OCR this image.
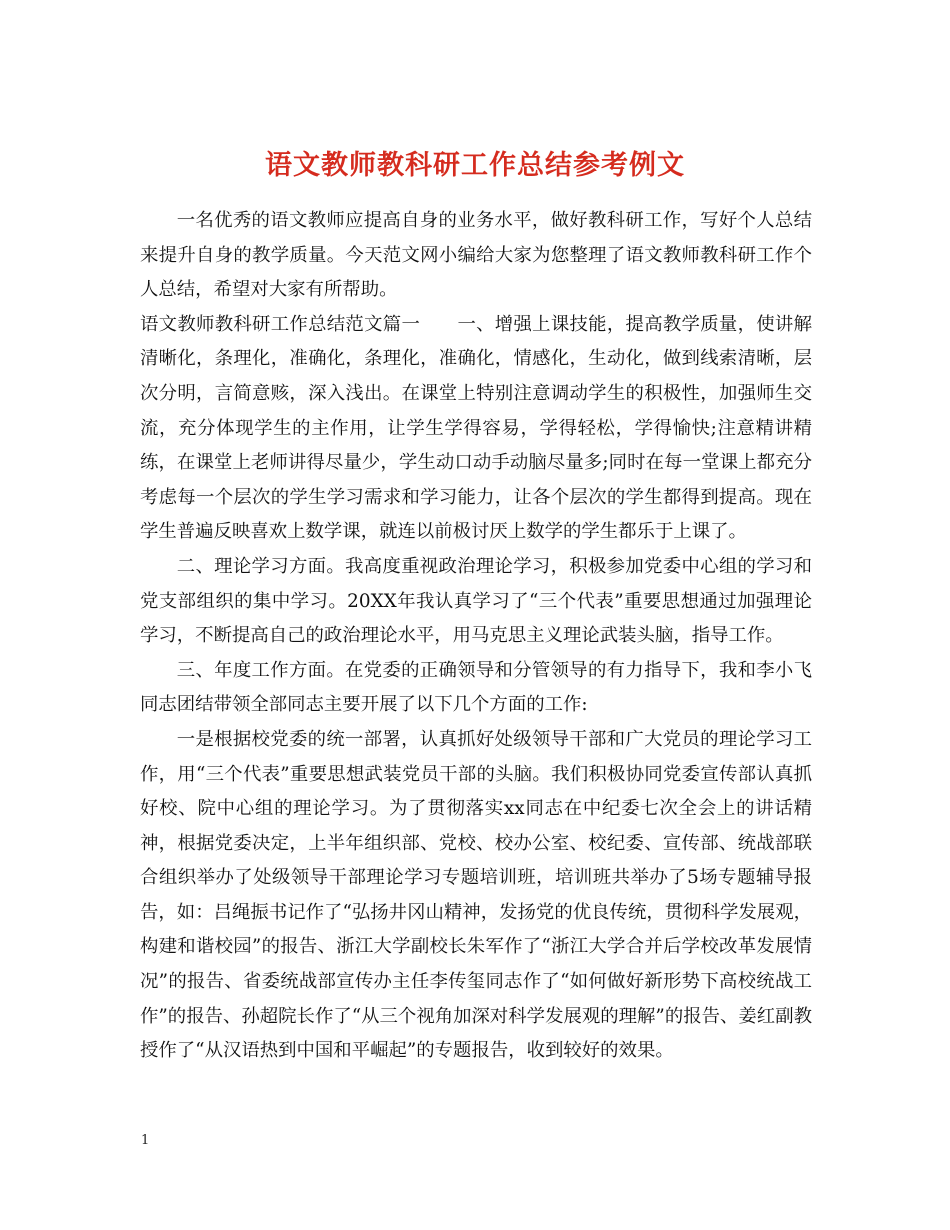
语文教师教科研工作总结参考例文

一名优秀的语文教师应提高自身的业务水平，做好教科研工作，写好个人总结来提升自身的教学质量。今天范文网小编给大家为您整理了语文教师教科研工作个人总结，希望对大家有所帮助。

语文教师教科研工作总结范文篇一　　一、增强上课技能，提高教学质量，使讲解清晰化，条理化，准确化，条理化，准确化，情感化，生动化，做到线索清晰，层次分明，言简意赅，深入浅出。在课堂上特别注意调动学生的积极性，加强师生交流，充分体现学生的主作用，让学生学得容易，学得轻松，学得愉快;注意精讲精练，在课堂上老师讲得尽量少，学生动口动手动脑尽量多;同时在每一堂课上都充分考虑每一个层次的学生学习需求和学习能力，让各个层次的学生都得到提高。现在学生普遍反映喜欢上数学课，就连以前极讨厌上数学的学生都乐于上课了。

二、理论学习方面。我高度重视政治理论学习，积极参加党委中心组的学习和党支部组织的集中学习。20XX年我认真学习了“三个代表”重要思想通过加强理论学习，不断提高自己的政治理论水平，用马克思主义理论武装头脑，指导工作。

三、年度工作方面。在党委的正确领导和分管领导的有力指导下，我和李小飞同志团结带领全部同志主要开展了以下几个方面的工作:

一是根据校党委的统一部署，认真抓好处级领导干部和广大党员的理论学习工作，用“三个代表”重要思想武装党员干部的头脑。我们积极协同党委宣传部认真抓好校、院中心组的理论学习。为了贯彻落实xx同志在中纪委七次全会上的讲话精神，根据党委决定，上半年组织部、党校、校办公室、校纪委、宣传部、统战部联合组织举办了处级领导干部理论学习专题培训班，培训班共举办了5场专题辅导报告，如：吕绳振书记作了“弘扬井冈山精神，发扬党的优良传统，贯彻科学发展观，构建和谐校园”的报告、浙江大学副校长朱军作了“浙江大学合并后学校改革发展情况”的报告、省委统战部宣传办主任李传玺同志作了“如何做好新形势下高校统战工作”的报告、孙超院长作了“从三个视角加深对科学发展观的理解”的报告、姜红副教授作了“从汉语热到中国和平崛起”的专题报告，收到较好的效果。

1
